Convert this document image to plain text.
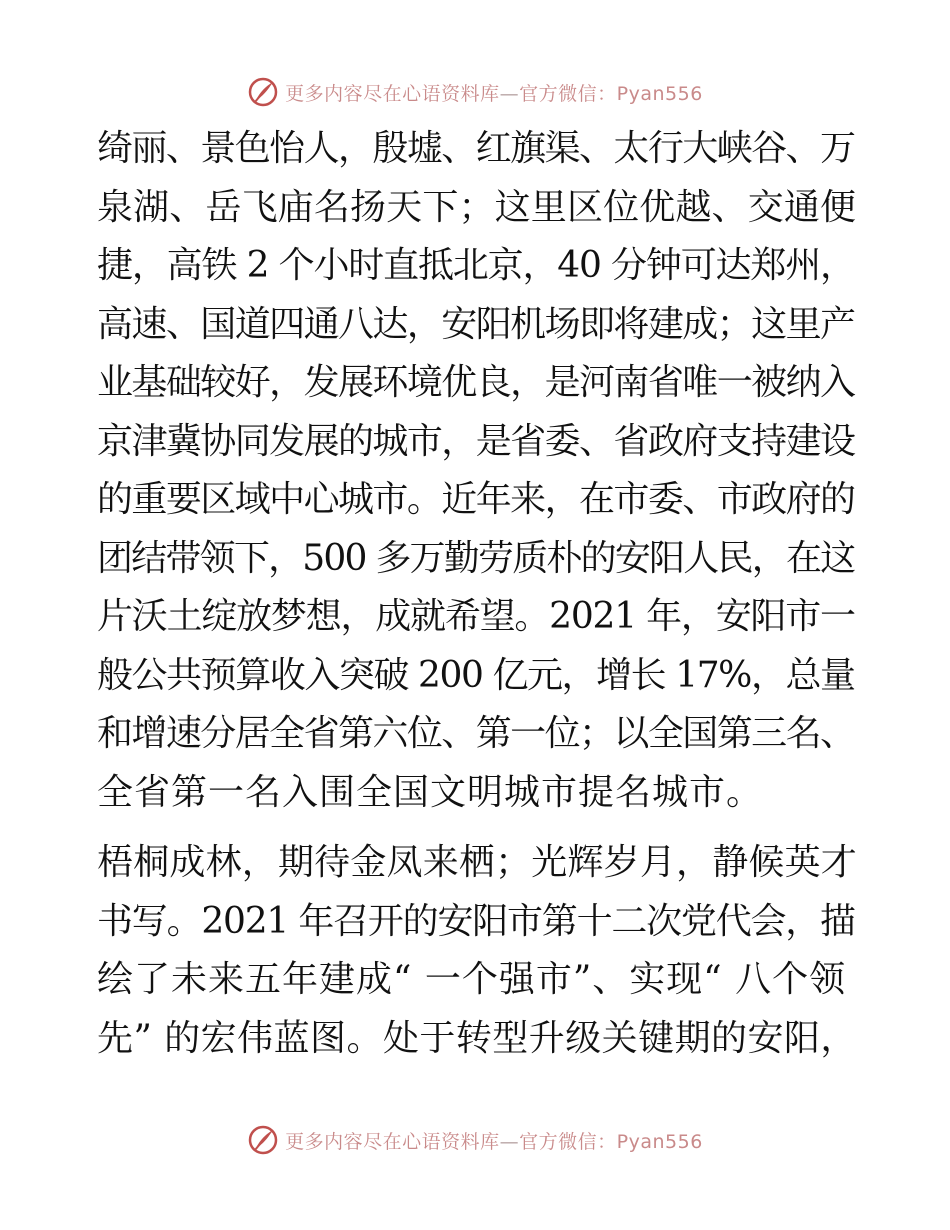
更多内容尽在心语资料库—官方微信：Pyan556

绮丽、景色怡人，殷墟、红旗渠、太行大峡谷、万
泉湖、岳飞庙名扬天下；这里区位优越、交通便
捷，高铁 2 个小时直抵北京，40 分钟可达郑州，
高速、国道四通八达，安阳机场即将建成；这里产
业基础较好，发展环境优良，是河南省唯一被纳入
京津冀协同发展的城市，是省委、省政府支持建设
的重要区域中心城市。近年来，在市委、市政府的
团结带领下，500 多万勤劳质朴的安阳人民，在这
片沃土绽放梦想，成就希望。2021 年，安阳市一
般公共预算收入突破 200 亿元，增长 17%，总量
和增速分居全省第六位、第一位；以全国第三名、
全省第一名入围全国文明城市提名城市。

梧桐成林，期待金凤来栖；光辉岁月，静候英才
书写。2021 年召开的安阳市第十二次党代会，描
绘了未来五年建成“ 一个强市”、实现“ 八个领
先” 的宏伟蓝图。处于转型升级关键期的安阳，

更多内容尽在心语资料库—官方微信：Pyan556
